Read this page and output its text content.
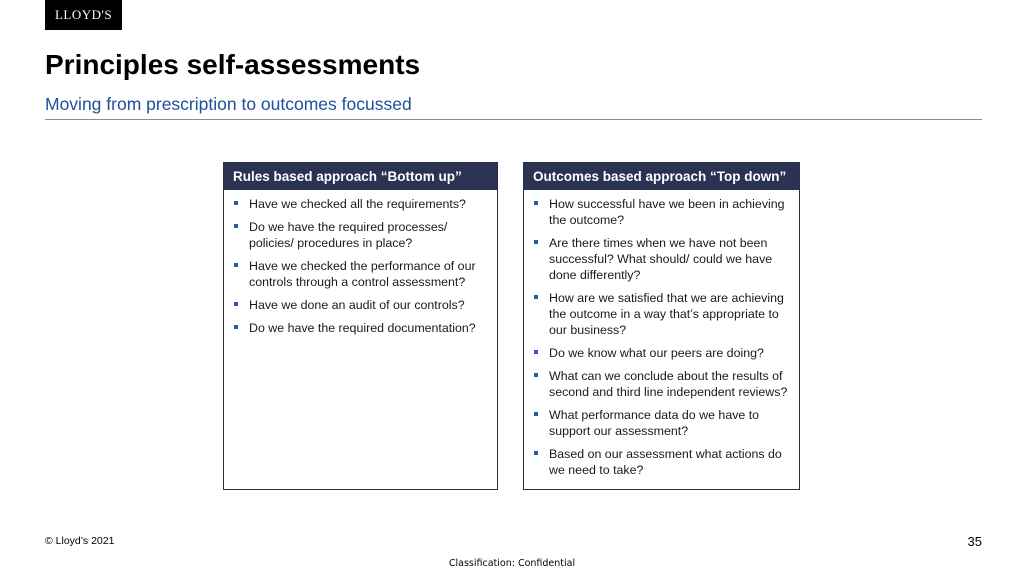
LLOYD'S
Principles self-assessments
Moving from prescription to outcomes focussed
Rules based approach “Bottom up”
Have we checked all the requirements?
Do we have the required processes/ policies/ procedures in place?
Have we checked the performance of our controls through a control assessment?
Have we done an audit of our controls?
Do we have the required documentation?
Outcomes based approach “Top down”
How successful have we been in achieving the outcome?
Are there times when we have not been successful? What should/ could we have done differently?
How are we satisfied that we are achieving the outcome in a way that’s appropriate to our business?
Do we know what our peers are doing?
What can we conclude about the results of second and third line independent reviews?
What performance data do we have to support our assessment?
Based on our assessment what actions do we need to take?
© Lloyd’s 2021	35
Classification: Confidential
